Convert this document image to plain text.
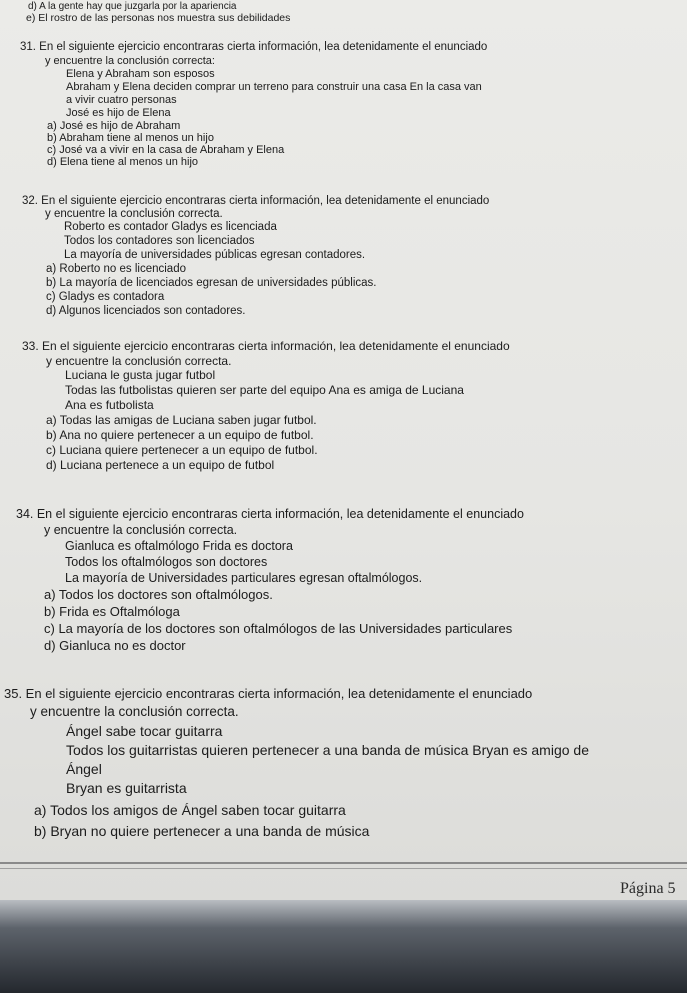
d) A la gente hay que juzgarla por la apariencia
e) El rostro de las personas nos muestra sus debilidades
31. En el siguiente ejercicio encontraras cierta información, lea detenidamente el enunciado
y encuentre la conclusión correcta:
Elena y Abraham son esposos
Abraham y Elena deciden comprar un terreno para construir una casa En la casa van
a vivir cuatro personas
José es hijo de Elena
a) José es hijo de Abraham
b) Abraham tiene al menos un hijo
c) José va a vivir en la casa de Abraham y Elena
d) Elena tiene al menos un hijo
32. En el siguiente ejercicio encontraras cierta información, lea detenidamente el enunciado
y encuentre la conclusión correcta.
Roberto es contador Gladys es licenciada
Todos los contadores son licenciados
La mayoría de universidades públicas egresan contadores.
a) Roberto no es licenciado
b) La mayoría de licenciados egresan de universidades públicas.
c) Gladys es contadora
d) Algunos licenciados son contadores.
33. En el siguiente ejercicio encontraras cierta información, lea detenidamente el enunciado
y encuentre la conclusión correcta.
Luciana le gusta jugar futbol
Todas las futbolistas quieren ser parte del equipo Ana es amiga de Luciana
Ana es futbolista
a) Todas las amigas de Luciana saben jugar futbol.
b) Ana no quiere pertenecer a un equipo de futbol.
c) Luciana quiere pertenecer a un equipo de futbol.
d) Luciana pertenece a un equipo de futbol
34. En el siguiente ejercicio encontraras cierta información, lea detenidamente el enunciado
y encuentre la conclusión correcta.
Gianluca es oftalmólogo Frida es doctora
Todos los oftalmólogos son doctores
La mayoría de Universidades particulares egresan oftalmólogos.
a) Todos los doctores son oftalmólogos.
b) Frida es Oftalmóloga
c) La mayoría de los doctores son oftalmólogos de las Universidades particulares
d) Gianluca no es doctor
35. En el siguiente ejercicio encontraras cierta información, lea detenidamente el enunciado
y encuentre la conclusión correcta.
Ángel sabe tocar guitarra
Todos los guitarristas quieren pertenecer a una banda de música Bryan es amigo de
Ángel
Bryan es guitarrista
a) Todos los amigos de Ángel saben tocar guitarra
b) Bryan no quiere pertenecer a una banda de música
Página 5
